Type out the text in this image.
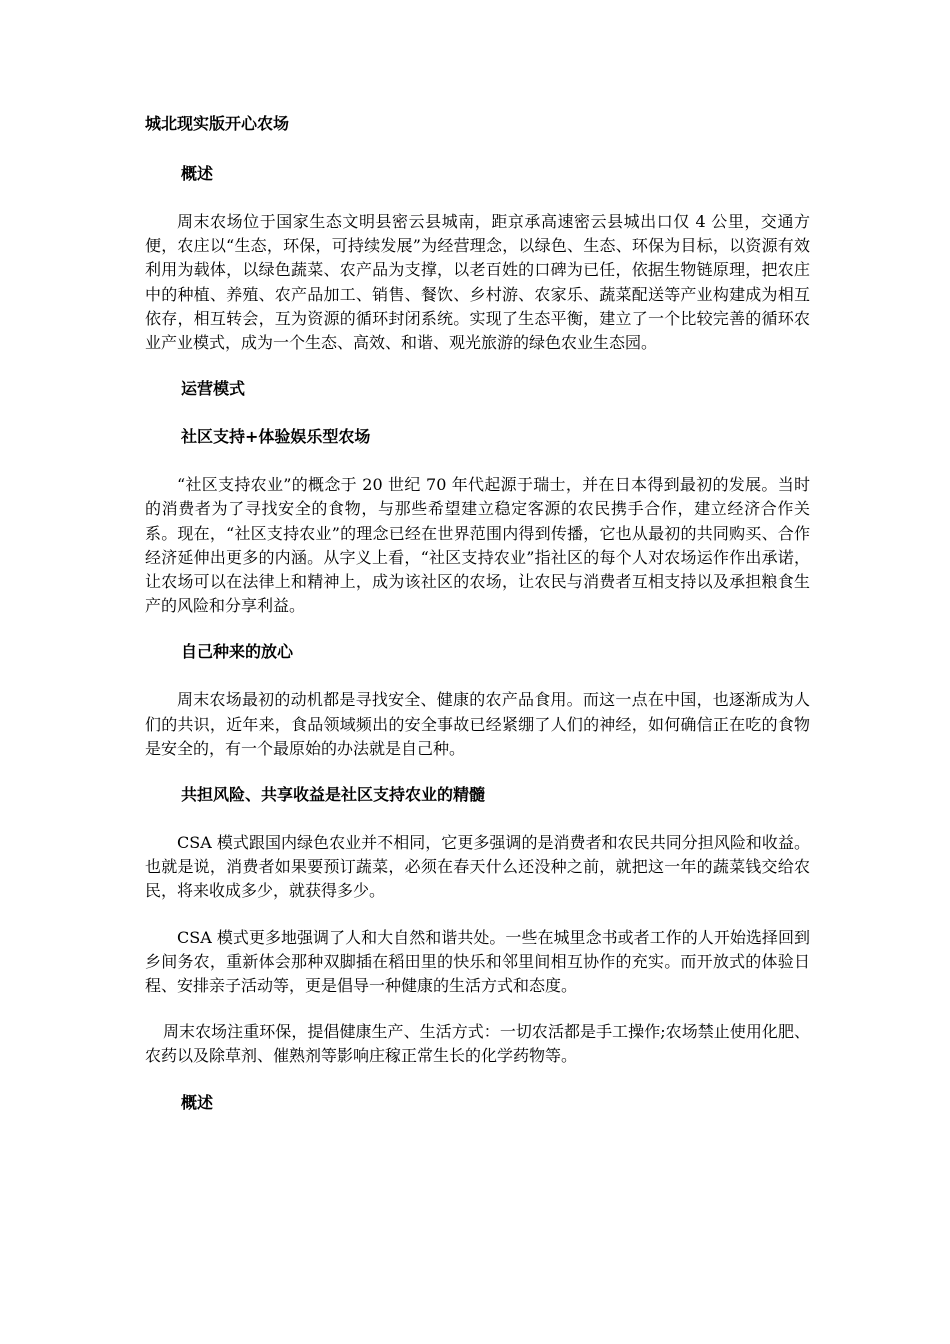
城北现实版开心农场
概述

周末农场位于国家生态文明县密云县城南，距京承高速密云县城出口仅 4 公里，交通方便，农庄以“生态，环保，可持续发展”为经营理念，以绿色、生态、环保为目标，以资源有效利用为载体，以绿色蔬菜、农产品为支撑，以老百姓的口碑为已任，依据生物链原理，把农庄中的种植、养殖、农产品加工、销售、餐饮、乡村游、农家乐、蔬菜配送等产业构建成为相互依存，相互转会，互为资源的循环封闭系统。实现了生态平衡，建立了一个比较完善的循环农业产业模式，成为一个生态、高效、和谐、观光旅游的绿色农业生态园。

运营模式
社区支持+体验娱乐型农场

“社区支持农业”的概念于 20 世纪 70 年代起源于瑞士，并在日本得到最初的发展。当时的消费者为了寻找安全的食物，与那些希望建立稳定客源的农民携手合作，建立经济合作关系。现在，“社区支持农业”的理念已经在世界范围内得到传播，它也从最初的共同购买、合作经济延伸出更多的内涵。从字义上看，“社区支持农业”指社区的每个人对农场运作作出承诺，让农场可以在法律上和精神上，成为该社区的农场，让农民与消费者互相支持以及承担粮食生产的风险和分享利益。

自己种来的放心

周末农场最初的动机都是寻找安全、健康的农产品食用。而这一点在中国，也逐渐成为人们的共识，近年来，食品领域频出的安全事故已经紧绷了人们的神经，如何确信正在吃的食物是安全的，有一个最原始的办法就是自己种。

共担风险、共享收益是社区支持农业的精髓

CSA 模式跟国内绿色农业并不相同，它更多强调的是消费者和农民共同分担风险和收益。也就是说，消费者如果要预订蔬菜，必须在春天什么还没种之前，就把这一年的蔬菜钱交给农民，将来收成多少，就获得多少。

CSA 模式更多地强调了人和大自然和谐共处。一些在城里念书或者工作的人开始选择回到乡间务农，重新体会那种双脚插在稻田里的快乐和邻里间相互协作的充实。而开放式的体验日程、安排亲子活动等，更是倡导一种健康的生活方式和态度。

周末农场注重环保，提倡健康生产、生活方式：一切农活都是手工操作;农场禁止使用化肥、农药以及除草剂、催熟剂等影响庄稼正常生长的化学药物等。

概述
